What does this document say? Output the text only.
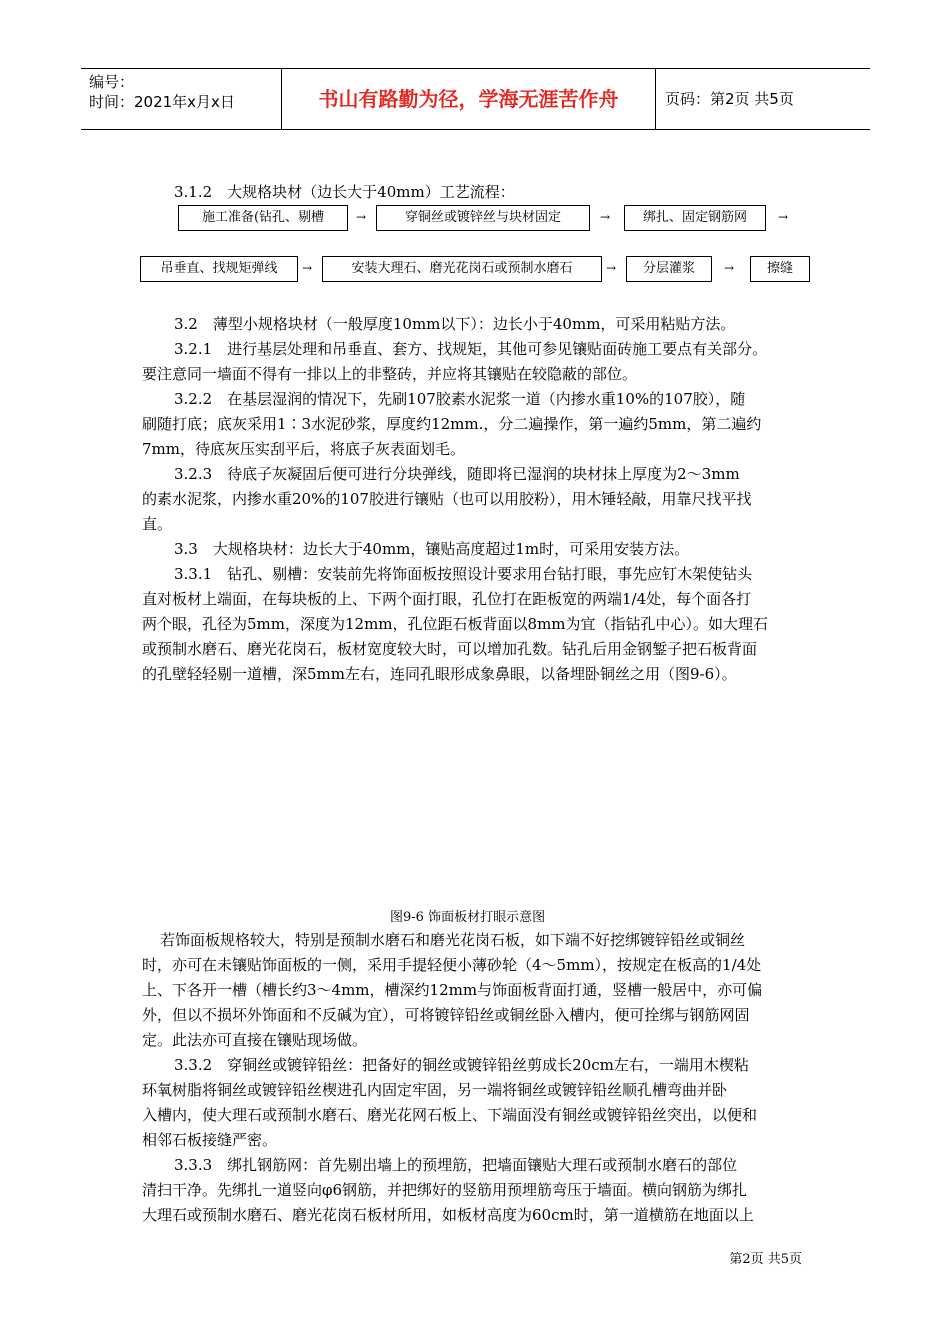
编号：
时间：2021年x月x日	书山有路勤为径，学海无涯苦作舟	页码：第2页 共5页
3.1.2　大规格块材（边长大于40mm）工艺流程：
施工准备(钻孔、剔槽	→	穿铜丝或镀锌丝与块材固定	→	绑扎、固定钢筋网	→
吊垂直、找规矩弹线	→	安装大理石、磨光花岗石或预制水磨石	→	分层灌浆	→	擦缝
3.2　薄型小规格块材（一般厚度10mm以下）：边长小于40mm，可采用粘贴方法。
3.2.1　进行基层处理和吊垂直、套方、找规矩，其他可参见镶贴面砖施工要点有关部分。
要注意同一墙面不得有一排以上的非整砖，并应将其镶贴在较隐蔽的部位。
3.2.2　在基层湿润的情况下，先刷107胶素水泥浆一道（内掺水重10%的107胶），随
刷随打底；底灰采用1∶3水泥砂浆，厚度约12mm.，分二遍操作，第一遍约5mm，第二遍约
7mm，待底灰压实刮平后，将底子灰表面划毛。
3.2.3　待底子灰凝固后便可进行分块弹线，随即将已湿润的块材抹上厚度为2～3mm
的素水泥浆，内掺水重20%的107胶进行镶贴（也可以用胶粉），用木锤轻敲，用靠尺找平找
直。
3.3　大规格块材：边长大于40mm，镶贴高度超过1m时，可采用安装方法。
3.3.1　钻孔、剔槽：安装前先将饰面板按照设计要求用台钻打眼，事先应钉木架使钻头
直对板材上端面，在每块板的上、下两个面打眼，孔位打在距板宽的两端1/4处，每个面各打
两个眼，孔径为5mm，深度为12mm，孔位距石板背面以8mm为宜（指钻孔中心）。如大理石
或预制水磨石、磨光花岗石，板材宽度较大时，可以增加孔数。钻孔后用金钢錾子把石板背面
的孔壁轻轻剔一道槽，深5mm左右，连同孔眼形成象鼻眼，以备埋卧铜丝之用（图9-6）。
图9-6 饰面板材打眼示意图
若饰面板规格较大，特别是预制水磨石和磨光花岗石板，如下端不好挖绑镀锌铅丝或铜丝
时，亦可在未镶贴饰面板的一侧，采用手提轻便小薄砂轮（4～5mm），按规定在板高的1/4处
上、下各开一槽（槽长约3～4mm，槽深约12mm与饰面板背面打通，竖槽一般居中，亦可偏
外，但以不损坏外饰面和不反碱为宜），可将镀锌铅丝或铜丝卧入槽内，便可拴绑与钢筋网固
定。此法亦可直接在镶贴现场做。
3.3.2　穿铜丝或镀锌铅丝：把备好的铜丝或镀锌铅丝剪成长20cm左右，一端用木楔粘
环氧树脂将铜丝或镀锌铅丝楔进孔内固定牢固，另一端将铜丝或镀锌铅丝顺孔槽弯曲并卧
入槽内，使大理石或预制水磨石、磨光花网石板上、下端面没有铜丝或镀锌铅丝突出，以便和
相邻石板接缝严密。
3.3.3　绑扎钢筋网：首先剔出墙上的预埋筋，把墙面镶贴大理石或预制水磨石的部位
清扫干净。先绑扎一道竖向φ6钢筋，并把绑好的竖筋用预埋筋弯压于墙面。横向钢筋为绑扎
大理石或预制水磨石、磨光花岗石板材所用，如板材高度为60cm时，第一道横筋在地面以上
第2页 共5页
